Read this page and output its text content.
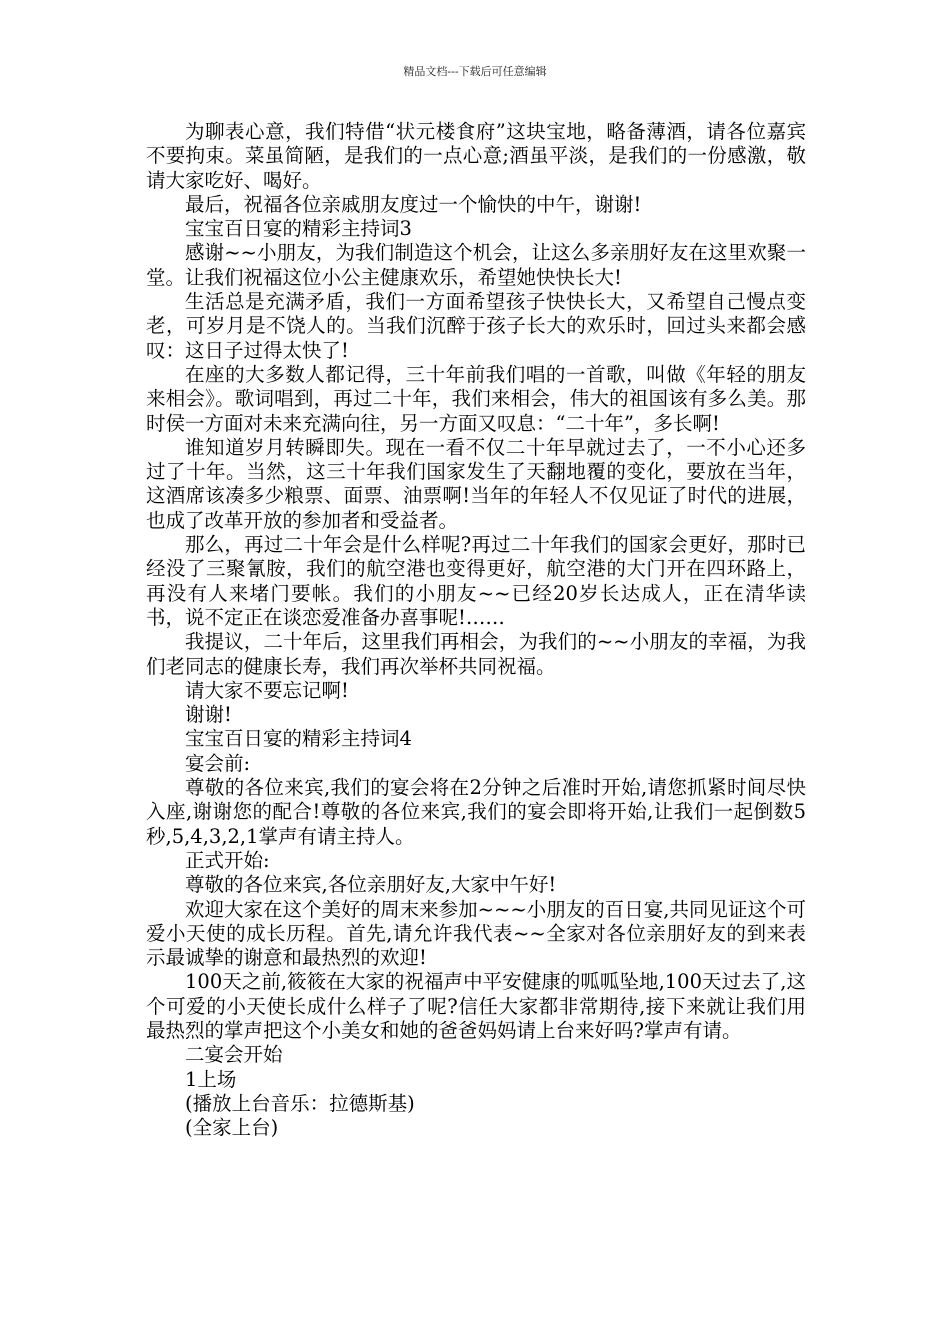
精品文档---下载后可任意编辑

为聊表心意，我们特借“状元楼食府”这块宝地，略备薄酒，请各位嘉宾不要拘束。菜虽简陋，是我们的一点心意;酒虽平淡，是我们的一份感激，敬请大家吃好、喝好。

最后，祝福各位亲戚朋友度过一个愉快的中午，谢谢!

宝宝百日宴的精彩主持词3

感谢~~小朋友，为我们制造这个机会，让这么多亲朋好友在这里欢聚一堂。让我们祝福这位小公主健康欢乐，希望她快快长大!

生活总是充满矛盾，我们一方面希望孩子快快长大，又希望自己慢点变老，可岁月是不饶人的。当我们沉醉于孩子长大的欢乐时，回过头来都会感叹：这日子过得太快了!

在座的大多数人都记得，三十年前我们唱的一首歌，叫做《年轻的朋友来相会》。歌词唱到，再过二十年，我们来相会，伟大的祖国该有多么美。那时侯一方面对未来充满向往，另一方面又叹息：“二十年”，多长啊!

谁知道岁月转瞬即失。现在一看不仅二十年早就过去了，一不小心还多过了十年。当然，这三十年我们国家发生了天翻地覆的变化，要放在当年，这酒席该凑多少粮票、面票、油票啊!当年的年轻人不仅见证了时代的进展，也成了改革开放的参加者和受益者。

那么，再过二十年会是什么样呢?再过二十年我们的国家会更好，那时已经没了三聚氰胺，我们的航空港也变得更好，航空港的大门开在四环路上，再没有人来堵门要帐。我们的小朋友~~已经20岁长达成人，正在清华读书，说不定正在谈恋爱准备办喜事呢!……

我提议，二十年后，这里我们再相会，为我们的~~小朋友的幸福，为我们老同志的健康长寿，我们再次举杯共同祝福。

请大家不要忘记啊!

谢谢!

宝宝百日宴的精彩主持词4

宴会前:

尊敬的各位来宾,我们的宴会将在2分钟之后准时开始,请您抓紧时间尽快入座,谢谢您的配合!尊敬的各位来宾,我们的宴会即将开始,让我们一起倒数5秒,5,4,3,2,1掌声有请主持人。

正式开始:

尊敬的各位来宾,各位亲朋好友,大家中午好!

欢迎大家在这个美好的周末来参加~~~小朋友的百日宴,共同见证这个可爱小天使的成长历程。首先,请允许我代表~~全家对各位亲朋好友的到来表示最诚挚的谢意和最热烈的欢迎!

100天之前,筱筱在大家的祝福声中平安健康的呱呱坠地,100天过去了,这个可爱的小天使长成什么样子了呢?信任大家都非常期待,接下来就让我们用最热烈的掌声把这个小美女和她的爸爸妈妈请上台来好吗?掌声有请。

二宴会开始

1上场

(播放上台音乐：拉德斯基)

(全家上台)
